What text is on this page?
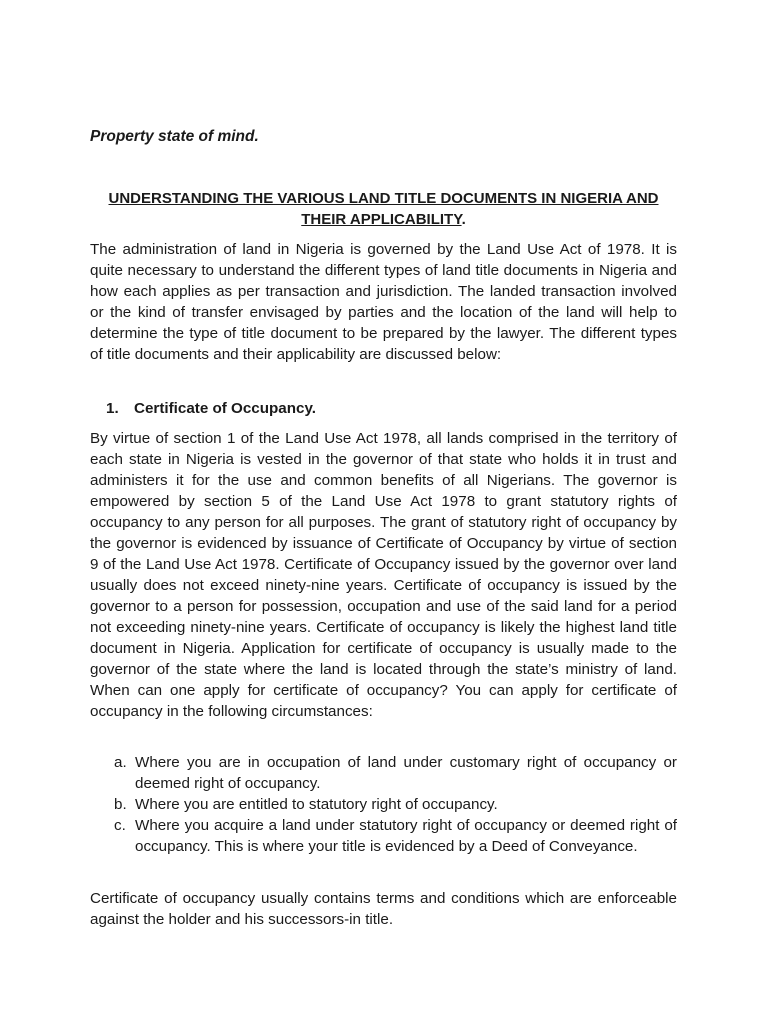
Property state of mind.

UNDERSTANDING THE VARIOUS LAND TITLE DOCUMENTS IN NIGERIA AND THEIR APPLICABILITY.

The administration of land in Nigeria is governed by the Land Use Act of 1978. It is quite necessary to understand the different types of land title documents in Nigeria and how each applies as per transaction and jurisdiction. The landed transaction involved or the kind of transfer envisaged by parties and the location of the land will help to determine the type of title document to be prepared by the lawyer. The different types of title documents and their applicability are discussed below:

1. Certificate of Occupancy.

By virtue of section 1 of the Land Use Act 1978, all lands comprised in the territory of each state in Nigeria is vested in the governor of that state who holds it in trust and administers it for the use and common benefits of all Nigerians. The governor is empowered by section 5 of the Land Use Act 1978 to grant statutory rights of occupancy to any person for all purposes. The grant of statutory right of occupancy by the governor is evidenced by issuance of Certificate of Occupancy by virtue of section 9 of the Land Use Act 1978. Certificate of Occupancy issued by the governor over land usually does not exceed ninety-nine years. Certificate of occupancy is issued by the governor to a person for possession, occupation and use of the said land for a period not exceeding ninety-nine years. Certificate of occupancy is likely the highest land title document in Nigeria. Application for certificate of occupancy is usually made to the governor of the state where the land is located through the state’s ministry of land. When can one apply for certificate of occupancy? You can apply for certificate of occupancy in the following circumstances:

a. Where you are in occupation of land under customary right of occupancy or deemed right of occupancy.
b. Where you are entitled to statutory right of occupancy.
c. Where you acquire a land under statutory right of occupancy or deemed right of occupancy. This is where your title is evidenced by a Deed of Conveyance.

Certificate of occupancy usually contains terms and conditions which are enforceable against the holder and his successors-in title.
